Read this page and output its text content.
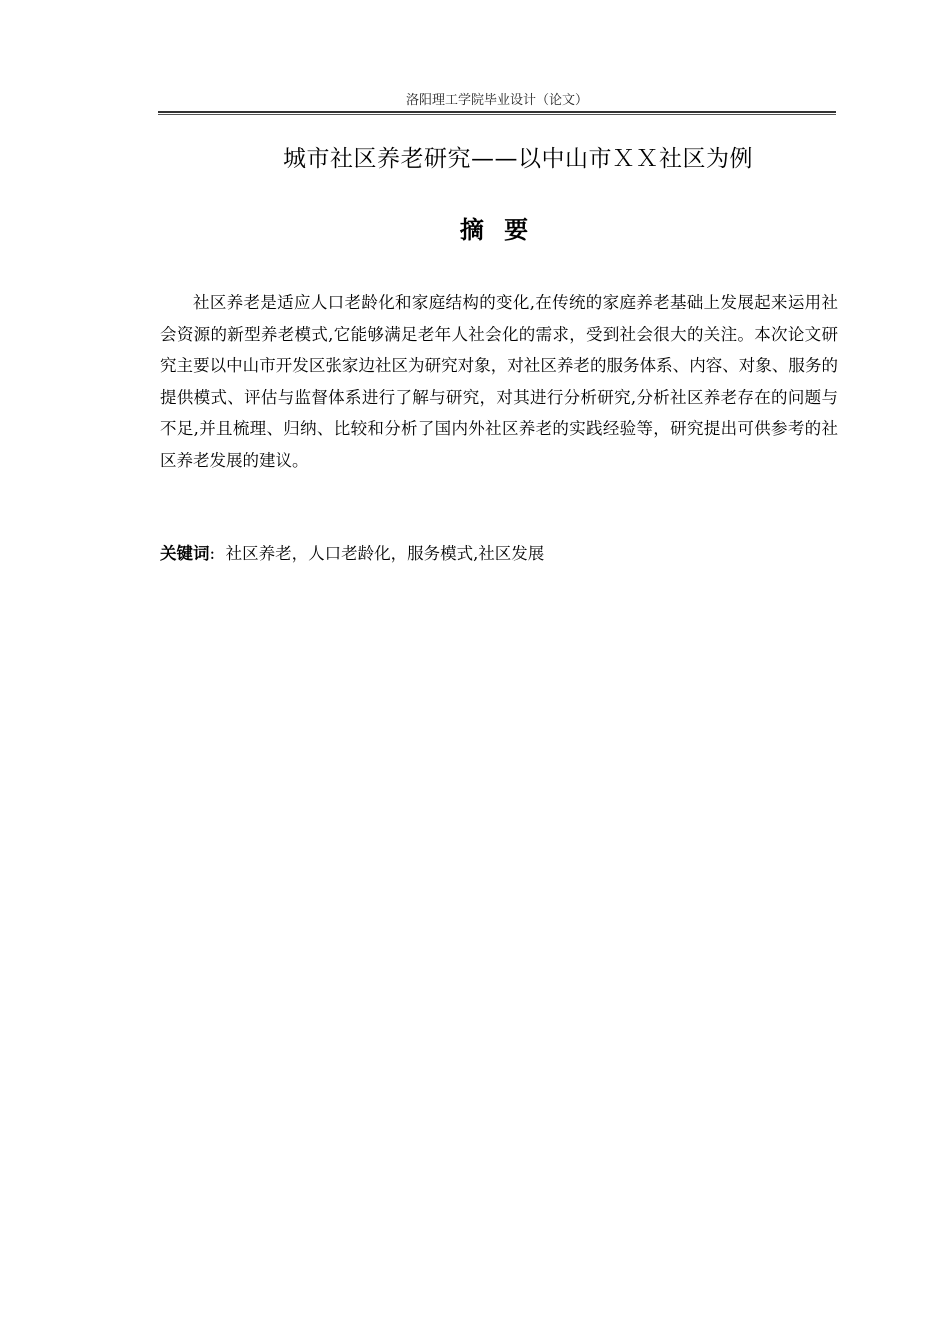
洛阳理工学院毕业设计（论文）
城市社区养老研究——以中山市ＸＸ社区为例
摘 要

社区养老是适应人口老龄化和家庭结构的变化,在传统的家庭养老基础上发展起来运用社会资源的新型养老模式,它能够满足老年人社会化的需求，受到社会很大的关注。本次论文研究主要以中山市开发区张家边社区为研究对象，对社区养老的服务体系、内容、对象、服务的提供模式、评估与监督体系进行了解与研究，对其进行分析研究,分析社区养老存在的问题与不足,并且梳理、归纳、比较和分析了国内外社区养老的实践经验等，研究提出可供参考的社区养老发展的建议。

关键词: 社区养老，人口老龄化，服务模式,社区发展
